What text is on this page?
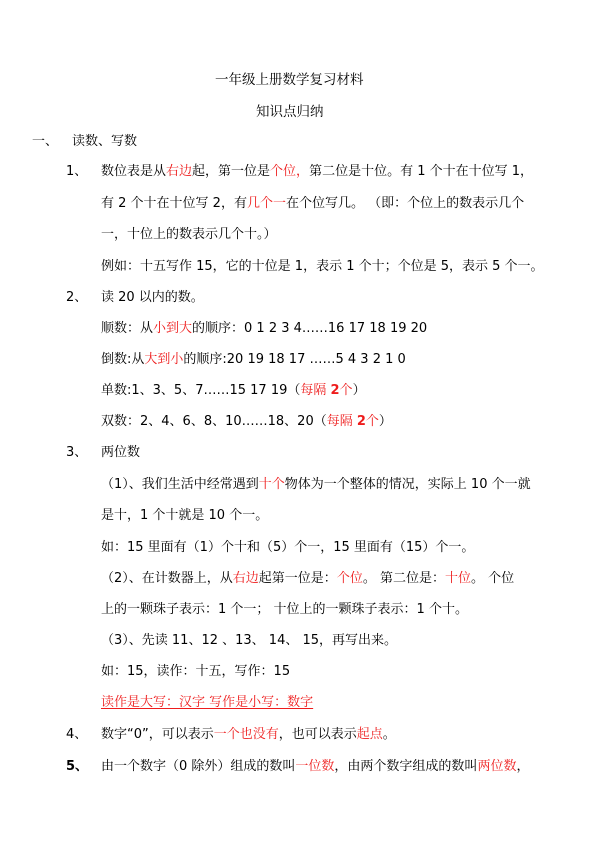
一年级上册数学复习材料
知识点归纳
一、 读数、写数
1、 数位表是从右边起，第一位是个位，第二位是十位。有 1 个十在十位写 1，
有 2 个十在十位写 2，有几个一在个位写几。 （即：个位上的数表示几个
一，十位上的数表示几个十。）
例如：十五写作 15，它的十位是 1，表示 1 个十；个位是 5，表示 5 个一。
2、 读 20 以内的数。
顺数：从小到大的顺序：0 1 2 3 4……16 17 18 19 20
倒数:从大到小的顺序:20 19 18 17 ……5 4 3 2 1 0
单数:1、3、5、7……15 17 19（每隔 2个）
双数：2、4、6、8、10……18、20（每隔 2个）
3、 两位数
（1）、我们生活中经常遇到十个物体为一个整体的情况，实际上 10 个一就
是十，1 个十就是 10 个一。
如：15 里面有（1）个十和（5）个一，15 里面有（15）个一。
（2）、在计数器上，从右边起第一位是：个位。 第二位是：十位。 个位
上的一颗珠子表示：1 个一； 十位上的一颗珠子表示：1 个十。
（3）、先读 11、12 、13、 14、 15，再写出来。
如：15，读作：十五，写作：15
读作是大写：汉字 写作是小写：数字
4、 数字“0”，可以表示一个也没有，也可以表示起点。
5、 由一个数字（0 除外）组成的数叫一位数，由两个数字组成的数叫两位数，
